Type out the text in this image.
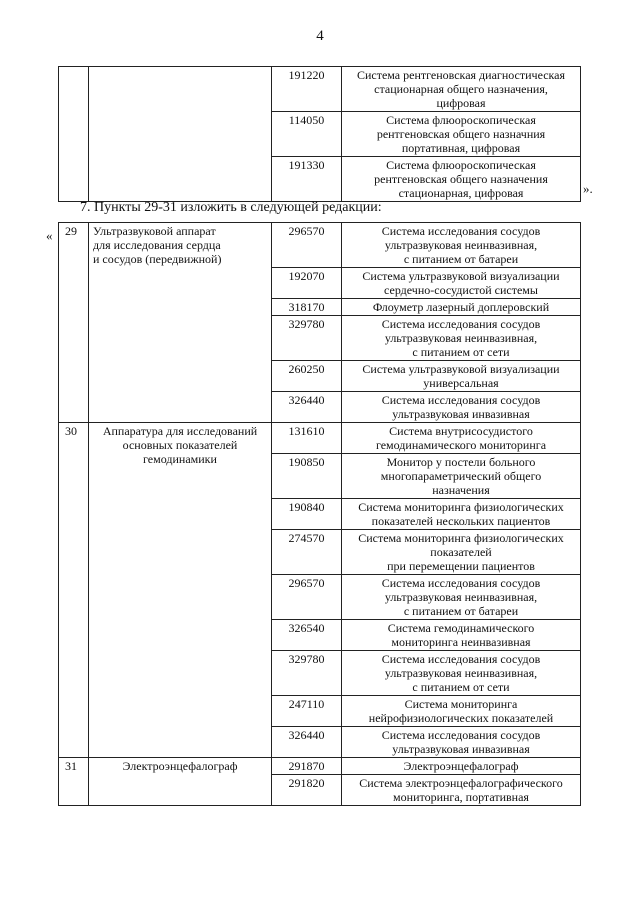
4
		191220	Система рентгеновская диагностическая
стационарная общего назначения,
цифровая

		114050	Система флюороскопическая
рентгеновская общего назначния
портативная, цифровая

		191330	Система флюороскопическая
рентгеновская общего назначения
стационарная, цифровая	».
7. Пункты 29-31 изложить в следующей редакции:
« 29	Ультразвуковой аппарат
для исследования сердца
и сосудов (передвижной)	296570	Система исследования сосудов
ультразвуковая неинвазивная,
с питанием от батареи

		192070	Система ультразвуковой визуализации
сердечно-сосудистой системы

		318170	Флоуметр лазерный доплеровский

		329780	Система исследования сосудов
ультразвуковая неинвазивная,
с питанием от сети

		260250	Система ультразвуковой визуализации
универсальная

		326440	Система исследования сосудов
ультразвуковая инвазивная

30	Аппаратура для исследований
основных показателей
гемодинамики	131610	Система внутрисосудистого
гемодинамического мониторинга

		190850	Монитор у постели больного
многопараметрический общего
назначения

		190840	Система мониторинга физиологических
показателей нескольких пациентов

		274570	Система мониторинга физиологических
показателей
при перемещении пациентов

		296570	Система исследования сосудов
ультразвуковая неинвазивная,
с питанием от батареи

		326540	Система гемодинамического
мониторинга неинвазивная

		329780	Система исследования сосудов
ультразвуковая неинвазивная,
с питанием от сети

		247110	Система мониторинга
нейрофизиологических показателей

		326440	Система исследования сосудов
ультразвуковая инвазивная

31	Электроэнцефалограф	291870	Электроэнцефалограф

		291820	Система электроэнцефалографического
мониторинга, портативная
